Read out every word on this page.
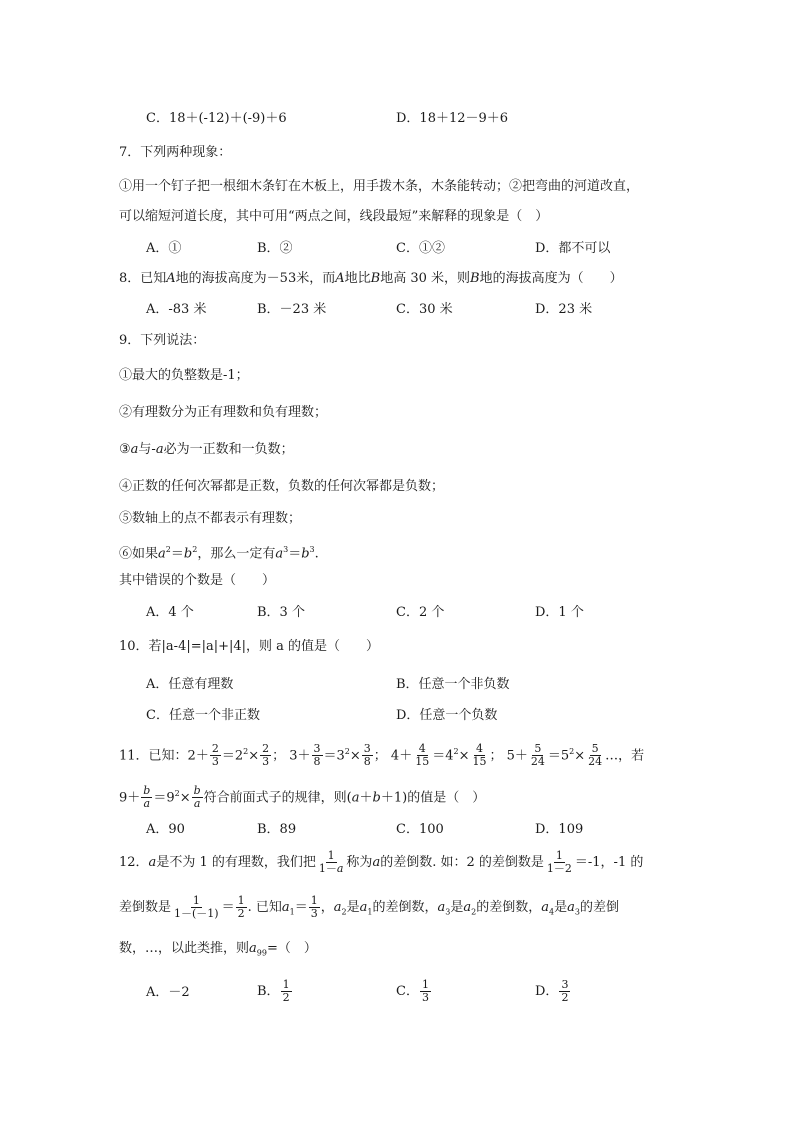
C．18＋(-12)＋(-9)＋6	D．18＋12－9＋6
7．下列两种现象：
①用一个钉子把一根细木条钉在木板上，用手拨木条，木条能转动；②把弯曲的河道改直，
可以缩短河道长度，其中可用“两点之间，线段最短”来解释的现象是（　）
A．①	B．②	C．①②	D．都不可以
8．已知A地的海拔高度为－53米，而A地比B地高 30 米，则B地的海拔高度为（　　）
A．-83 米	B．－23 米	C．30 米	D．23 米
9．下列说法：
①最大的负整数是-1；
②有理数分为正有理数和负有理数；
③a与-a必为一正数和一负数；
④正数的任何次幂都是正数，负数的任何次幂都是负数；
⑤数轴上的点不都表示有理数；
⑥如果$a^2=b^2$，那么一定有$a^3=b^3$.
其中错误的个数是（　　）
A．4 个	B．3 个	C．2 个	D．1 个
10．若|a-4|=|a|+|4|，则 a 的值是（　　）
A．任意有理数	B．任意一个非负数
C．任意一个非正数	D．任意一个负数
11．已知：$2+ \frac{2}{3} =2^2\times \frac{2}{3}$ ； $3+ \frac{3}{8} =3^2\times \frac{3}{8}$ ； $4+ \frac{4}{15} =4^2\times \frac{4}{15}$ ； $5+ \frac{5}{24} =5^2\times \frac{5}{24}$ …，若
$9+ \frac{b}{a} =9^2\times \frac{b}{a}$ 符合前面式子的规律，则(a＋b＋1)的值是（　）
A．90	B．89	C．100	D．109
12．a是不为 1 的有理数，我们把 $\frac{1}{1-a}$ 称为a的差倒数. 如：2 的差倒数是 $\frac{1}{1-2} =-1$，-1 的
差倒数是 $\frac{1}{1-(-1)} = \frac{1}{2}$ . 已知$a_1= \frac{1}{3}$ ，$a_2$是$a_1$的差倒数，$a_3$是$a_2$的差倒数，$a_4$是$a_3$的差倒
数，…，以此类推，则$a_{99}=$（　）
A．－2	B． $\frac{1}{2}$	C． $\frac{1}{3}$	D． $\frac{3}{2}$
